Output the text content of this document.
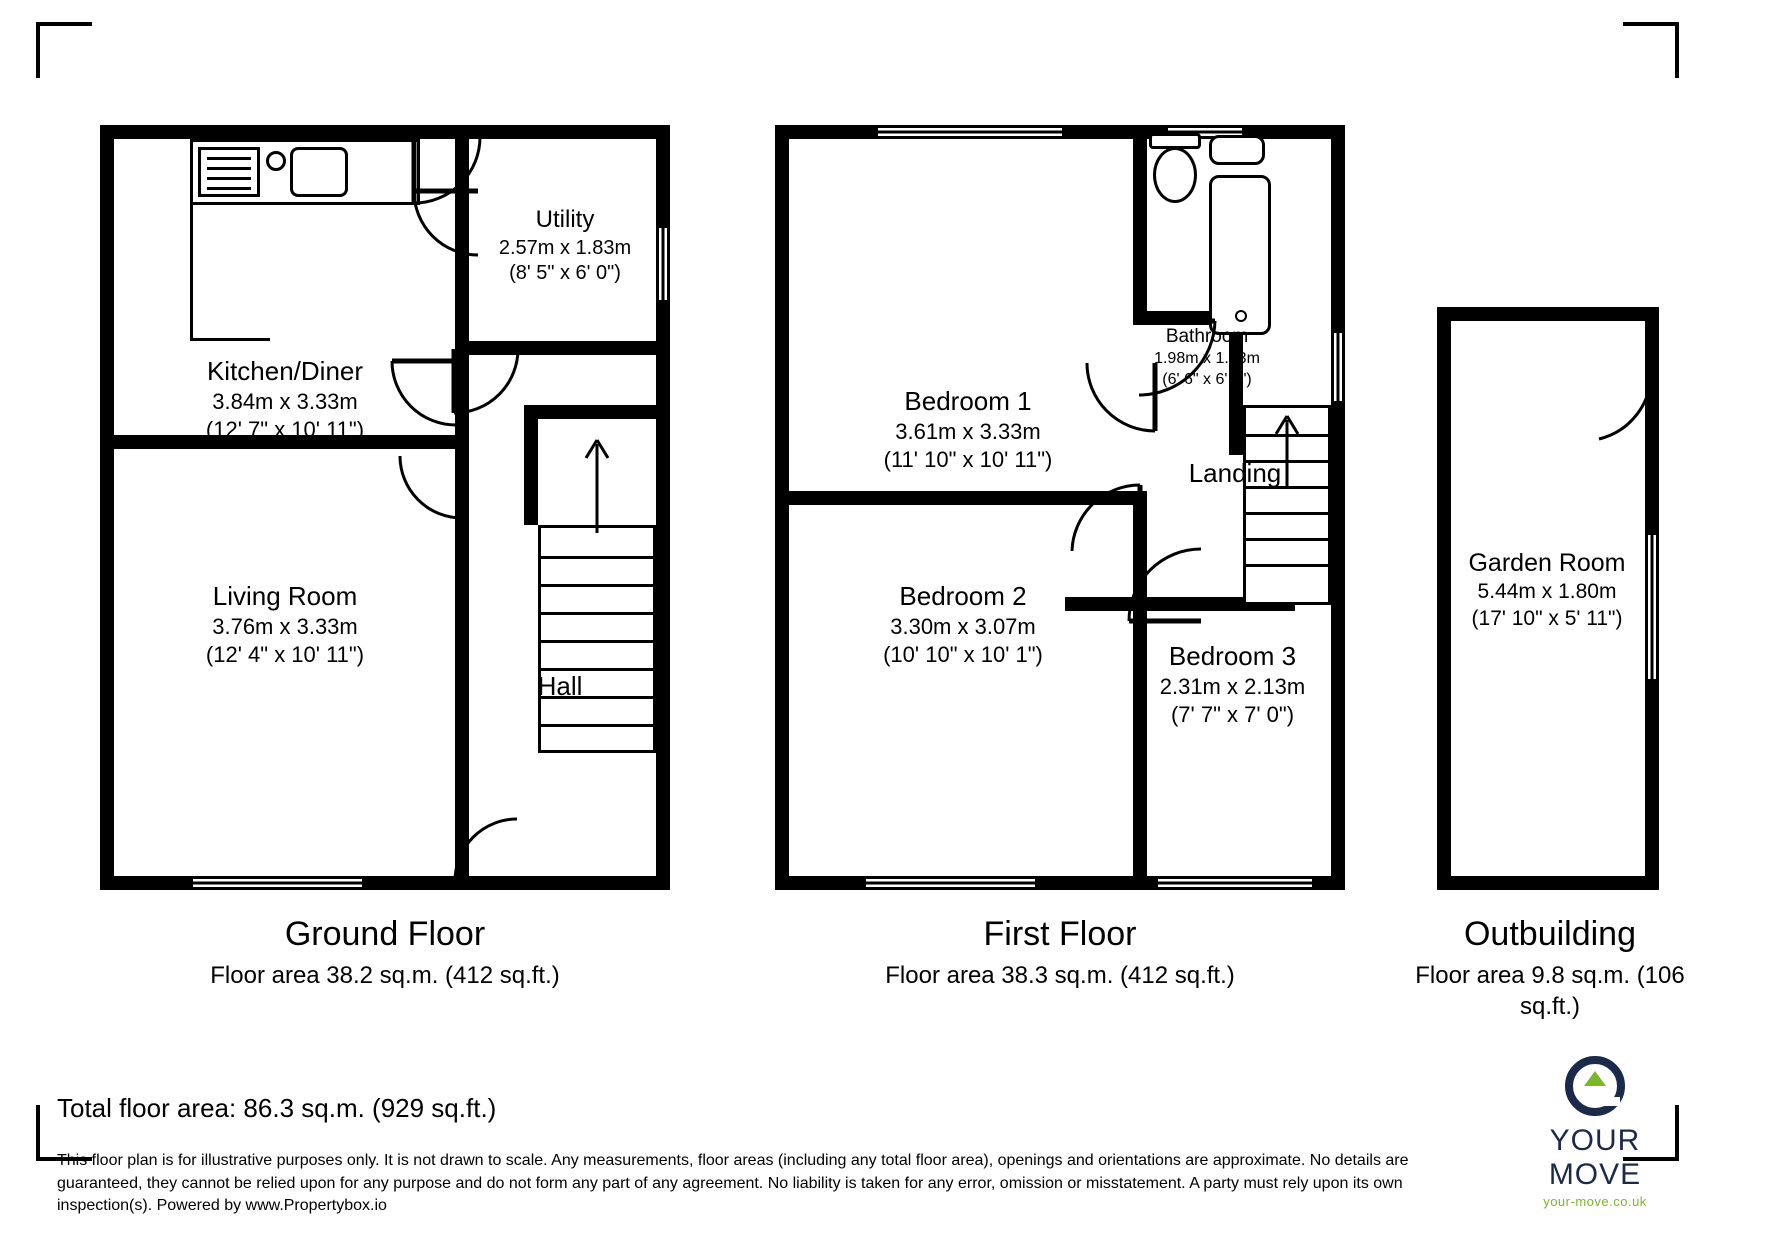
Kitchen/Diner
3.84m x 3.33m
(12' 7" x 10' 11")
Utility
2.57m x 1.83m
(8' 5" x 6' 0")
Living Room
3.76m x 3.33m
(12' 4" x 10' 11")
Hall
Bedroom 1
3.61m x 3.33m
(11' 10" x 10' 11")
Bathroom
1.98m x 1.83m
(6' 6" x 6' 0")
Landing
Bedroom 2
3.30m x 3.07m
(10' 10" x 10' 1")	Bedroom 3
2.31m x 2.13m
(7' 7" x 7' 0")
Garden Room
5.44m x 1.80m
(17' 10" x 5' 11")
Ground Floor
Floor area 38.2 sq.m. (412 sq.ft.)
First Floor
Floor area 38.3 sq.m. (412 sq.ft.)
Outbuilding
Floor area 9.8 sq.m. (106 sq.ft.)
Total floor area: 86.3 sq.m. (929 sq.ft.)
This floor plan is for illustrative purposes only. It is not drawn to scale. Any measurements, floor areas (including any total floor area), openings and orientations are approximate. No details are guaranteed, they cannot be relied upon for any purpose and do not form any part of any agreement. No liability is taken for any error, omission or misstatement. A party must rely upon its own inspection(s). Powered by www.Propertybox.io
YOUR MOVE
your-move.co.uk
